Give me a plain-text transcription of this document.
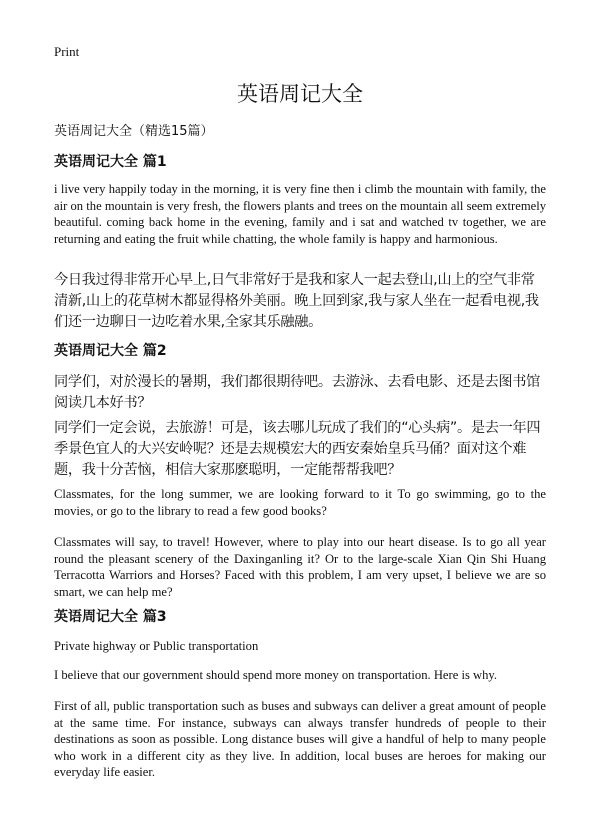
Print
英语周记大全
英语周记大全（精选15篇）
英语周记大全 篇1
i live very happily today in the morning, it is very fine then i climb the mountain with family, the air on the mountain is very fresh, the flowers plants and trees on the mountain all seem extremely beautiful. coming back home in the evening, family and i sat and watched tv together, we are returning and eating the fruit while chatting, the whole family is happy and harmonious.
今日我过得非常开心早上,日气非常好于是我和家人一起去登山,山上的空气非常清新,山上的花草树木都显得格外美丽。晚上回到家,我与家人坐在一起看电视,我们还一边聊日一边吃着水果,全家其乐融融。
英语周记大全 篇2
同学们，对於漫长的暑期，我们都很期待吧。去游泳、去看电影、还是去图书馆阅读几本好书？
同学们一定会说，去旅游！可是，该去哪儿玩成了我们的“心头病”。是去一年四季景色宜人的大兴安岭呢？还是去规模宏大的西安秦始皇兵马俑？面对这个难题，我十分苦恼，相信大家那麽聪明，一定能帮帮我吧？
Classmates, for the long summer, we are looking forward to it To go swimming, go to the movies, or go to the library to read a few good books?
Classmates will say, to travel! However, where to play into our heart disease. Is to go all year round the pleasant scenery of the Daxinganling it? Or to the large-scale Xian Qin Shi Huang Terracotta Warriors and Horses? Faced with this problem, I am very upset, I believe we are so smart, we can help me?
英语周记大全 篇3
Private highway or Public transportation
I believe that our government should spend more money on transportation. Here is why.
First of all, public transportation such as buses and subways can deliver a great amount of people at the same time. For instance, subways can always transfer hundreds of people to their destinations as soon as possible. Long distance buses will give a handful of help to many people who work in a different city as they live. In addition, local buses are heroes for making our everyday life easier.
